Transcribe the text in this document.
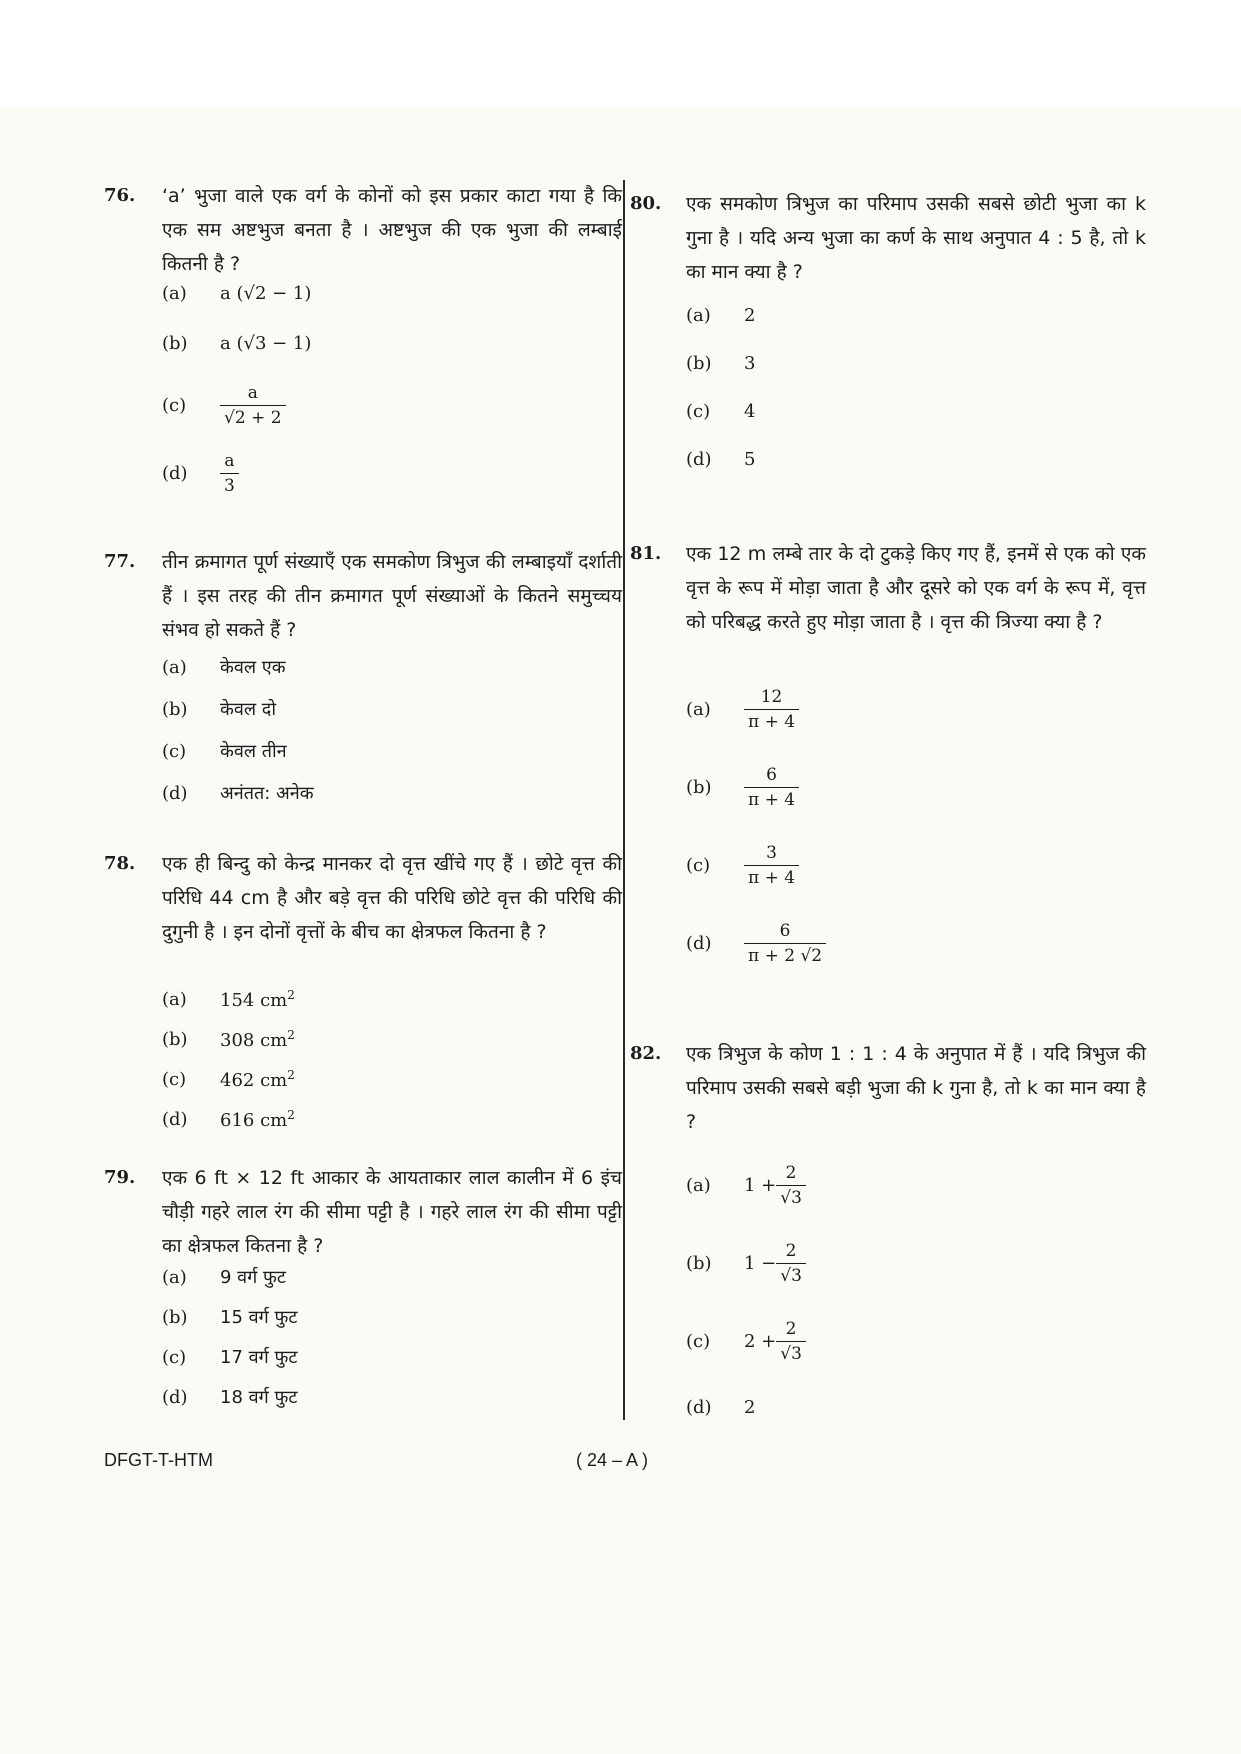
76. ‘a’ भुजा वाले एक वर्ग के कोनों को इस प्रकार काटा गया है कि एक सम अष्टभुज बनता है । अष्टभुज की एक भुजा की लम्बाई कितनी है ?
(a)	a (√2 − 1)
(b)	a (√3 − 1)
(c)	$\frac{a}{√2 + 2}$
(d)	$\frac{a}{3}$
77. तीन क्रमागत पूर्ण संख्याएँ एक समकोण त्रिभुज की लम्बाइयाँ दर्शाती हैं । इस तरह की तीन क्रमागत पूर्ण संख्याओं के कितने समुच्चय संभव हो सकते हैं ?
(a)	केवल एक
(b)	केवल दो
(c)	केवल तीन
(d)	अनंतत: अनेक
78. एक ही बिन्दु को केन्द्र मानकर दो वृत्त खींचे गए हैं । छोटे वृत्त की परिधि 44 cm है और बड़े वृत्त की परिधि छोटे वृत्त की परिधि की दुगुनी है । इन दोनों वृत्तों के बीच का क्षेत्रफल कितना है ?
(a)	154 $cm^2$
(b)	308 $cm^2$
(c)	462 $cm^2$
(d)	616 $cm^2$
79. एक 6 ft × 12 ft आकार के आयताकार लाल कालीन में 6 इंच चौड़ी गहरे लाल रंग की सीमा पट्टी है । गहरे लाल रंग की सीमा पट्टी का क्षेत्रफल कितना है ?
(a)	9 वर्ग फुट
(b)	15 वर्ग फुट
(c)	17 वर्ग फुट
(d)	18 वर्ग फुट
80. एक समकोण त्रिभुज का परिमाप उसकी सबसे छोटी भुजा का k गुना है । यदि अन्य भुजा का कर्ण के साथ अनुपात 4 : 5 है, तो k का मान क्या है ?
(a)	2
(b)	3
(c)	4
(d)	5
81. एक 12 m लम्बे तार के दो टुकड़े किए गए हैं, इनमें से एक को एक वृत्त के रूप में मोड़ा जाता है और दूसरे को एक वर्ग के रूप में, वृत्त को परिबद्ध करते हुए मोड़ा जाता है । वृत्त की त्रिज्या क्या है ?
(a)	$\frac{12}{\pi + 4}$
(b)	$\frac{6}{\pi + 4}$
(c)	$\frac{3}{\pi + 4}$
(d)	$\frac{6}{\pi + 2 √2}$
82. एक त्रिभुज के कोण 1 : 1 : 4 के अनुपात में हैं । यदि त्रिभुज की परिमाप उसकी सबसे बड़ी भुजा की k गुना है, तो k का मान क्या है ?
(a)	$1 + \frac{2}{√3}$
(b)	$1 - \frac{2}{√3}$
(c)	$2 + \frac{2}{√3}$
(d)	2
DFGT-T-HTM	( 24 – A )
